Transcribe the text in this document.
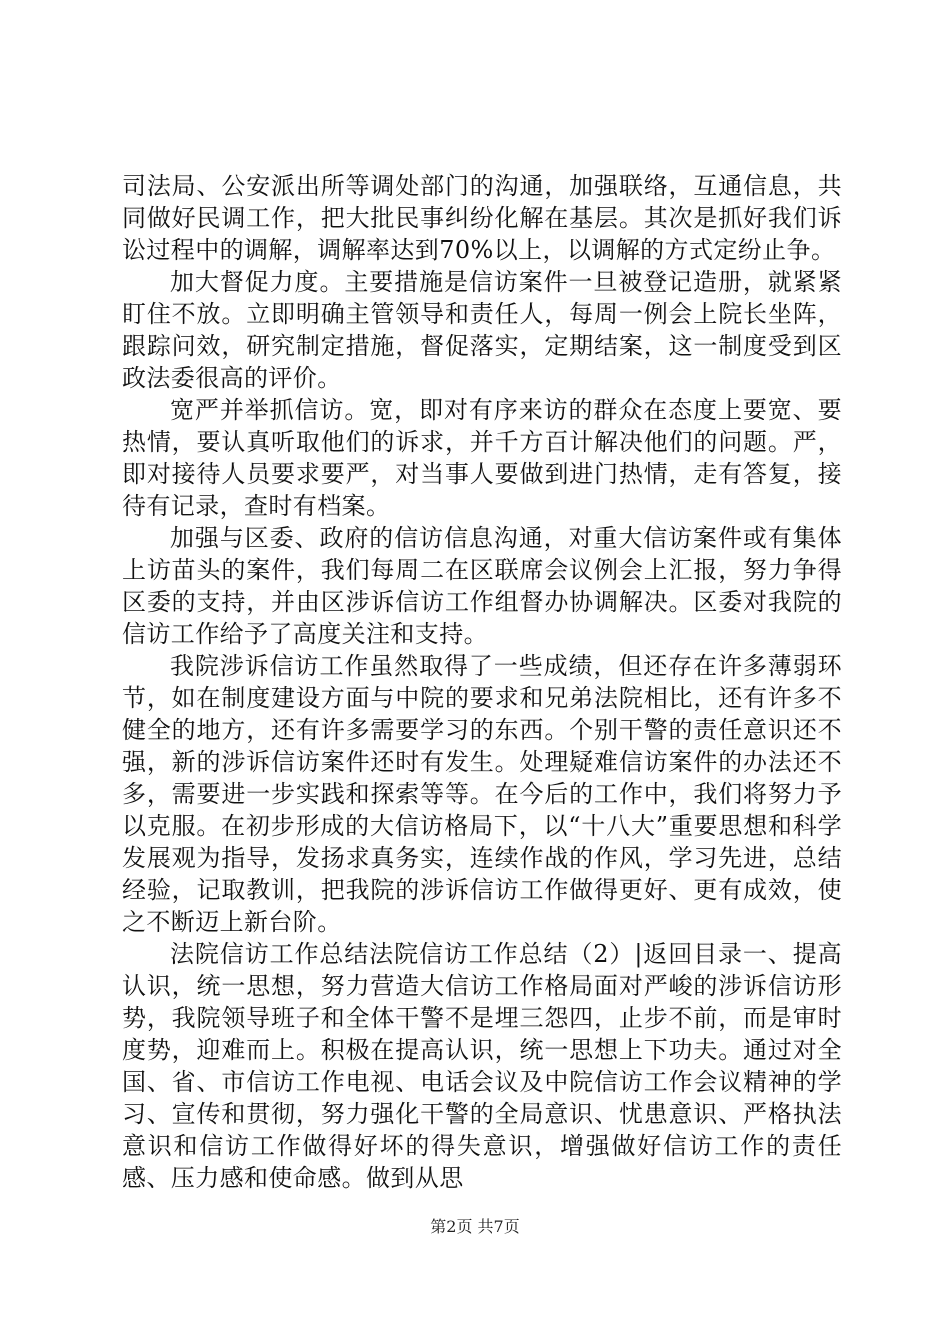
司法局、公安派出所等调处部门的沟通，加强联络，互通信息，共同做好民调工作，把大批民事纠纷化解在基层。其次是抓好我们诉讼过程中的调解，调解率达到70%以上，以调解的方式定纷止争。

加大督促力度。主要措施是信访案件一旦被登记造册，就紧紧盯住不放。立即明确主管领导和责任人，每周一例会上院长坐阵，跟踪问效，研究制定措施，督促落实，定期结案，这一制度受到区政法委很高的评价。

宽严并举抓信访。宽，即对有序来访的群众在态度上要宽、要热情，要认真听取他们的诉求，并千方百计解决他们的问题。严，即对接待人员要求要严，对当事人要做到进门热情，走有答复，接待有记录，查时有档案。

加强与区委、政府的信访信息沟通，对重大信访案件或有集体上访苗头的案件，我们每周二在区联席会议例会上汇报，努力争得区委的支持，并由区涉诉信访工作组督办协调解决。区委对我院的信访工作给予了高度关注和支持。

我院涉诉信访工作虽然取得了一些成绩，但还存在许多薄弱环节，如在制度建设方面与中院的要求和兄弟法院相比，还有许多不健全的地方，还有许多需要学习的东西。个别干警的责任意识还不强，新的涉诉信访案件还时有发生。处理疑难信访案件的办法还不多，需要进一步实践和探索等等。在今后的工作中，我们将努力予以克服。在初步形成的大信访格局下，以“十八大”重要思想和科学发展观为指导，发扬求真务实，连续作战的作风，学习先进，总结经验，记取教训，把我院的涉诉信访工作做得更好、更有成效，使之不断迈上新台阶。

法院信访工作总结法院信访工作总结（2）|返回目录一、提高认识，统一思想，努力营造大信访工作格局面对严峻的涉诉信访形势，我院领导班子和全体干警不是埋三怨四，止步不前，而是审时度势，迎难而上。积极在提高认识，统一思想上下功夫。通过对全国、省、市信访工作电视、电话会议及中院信访工作会议精神的学习、宣传和贯彻，努力强化干警的全局意识、忧患意识、严格执法意识和信访工作做得好坏的得失意识，增强做好信访工作的责任感、压力感和使命感。做到从思

第2页 共7页
